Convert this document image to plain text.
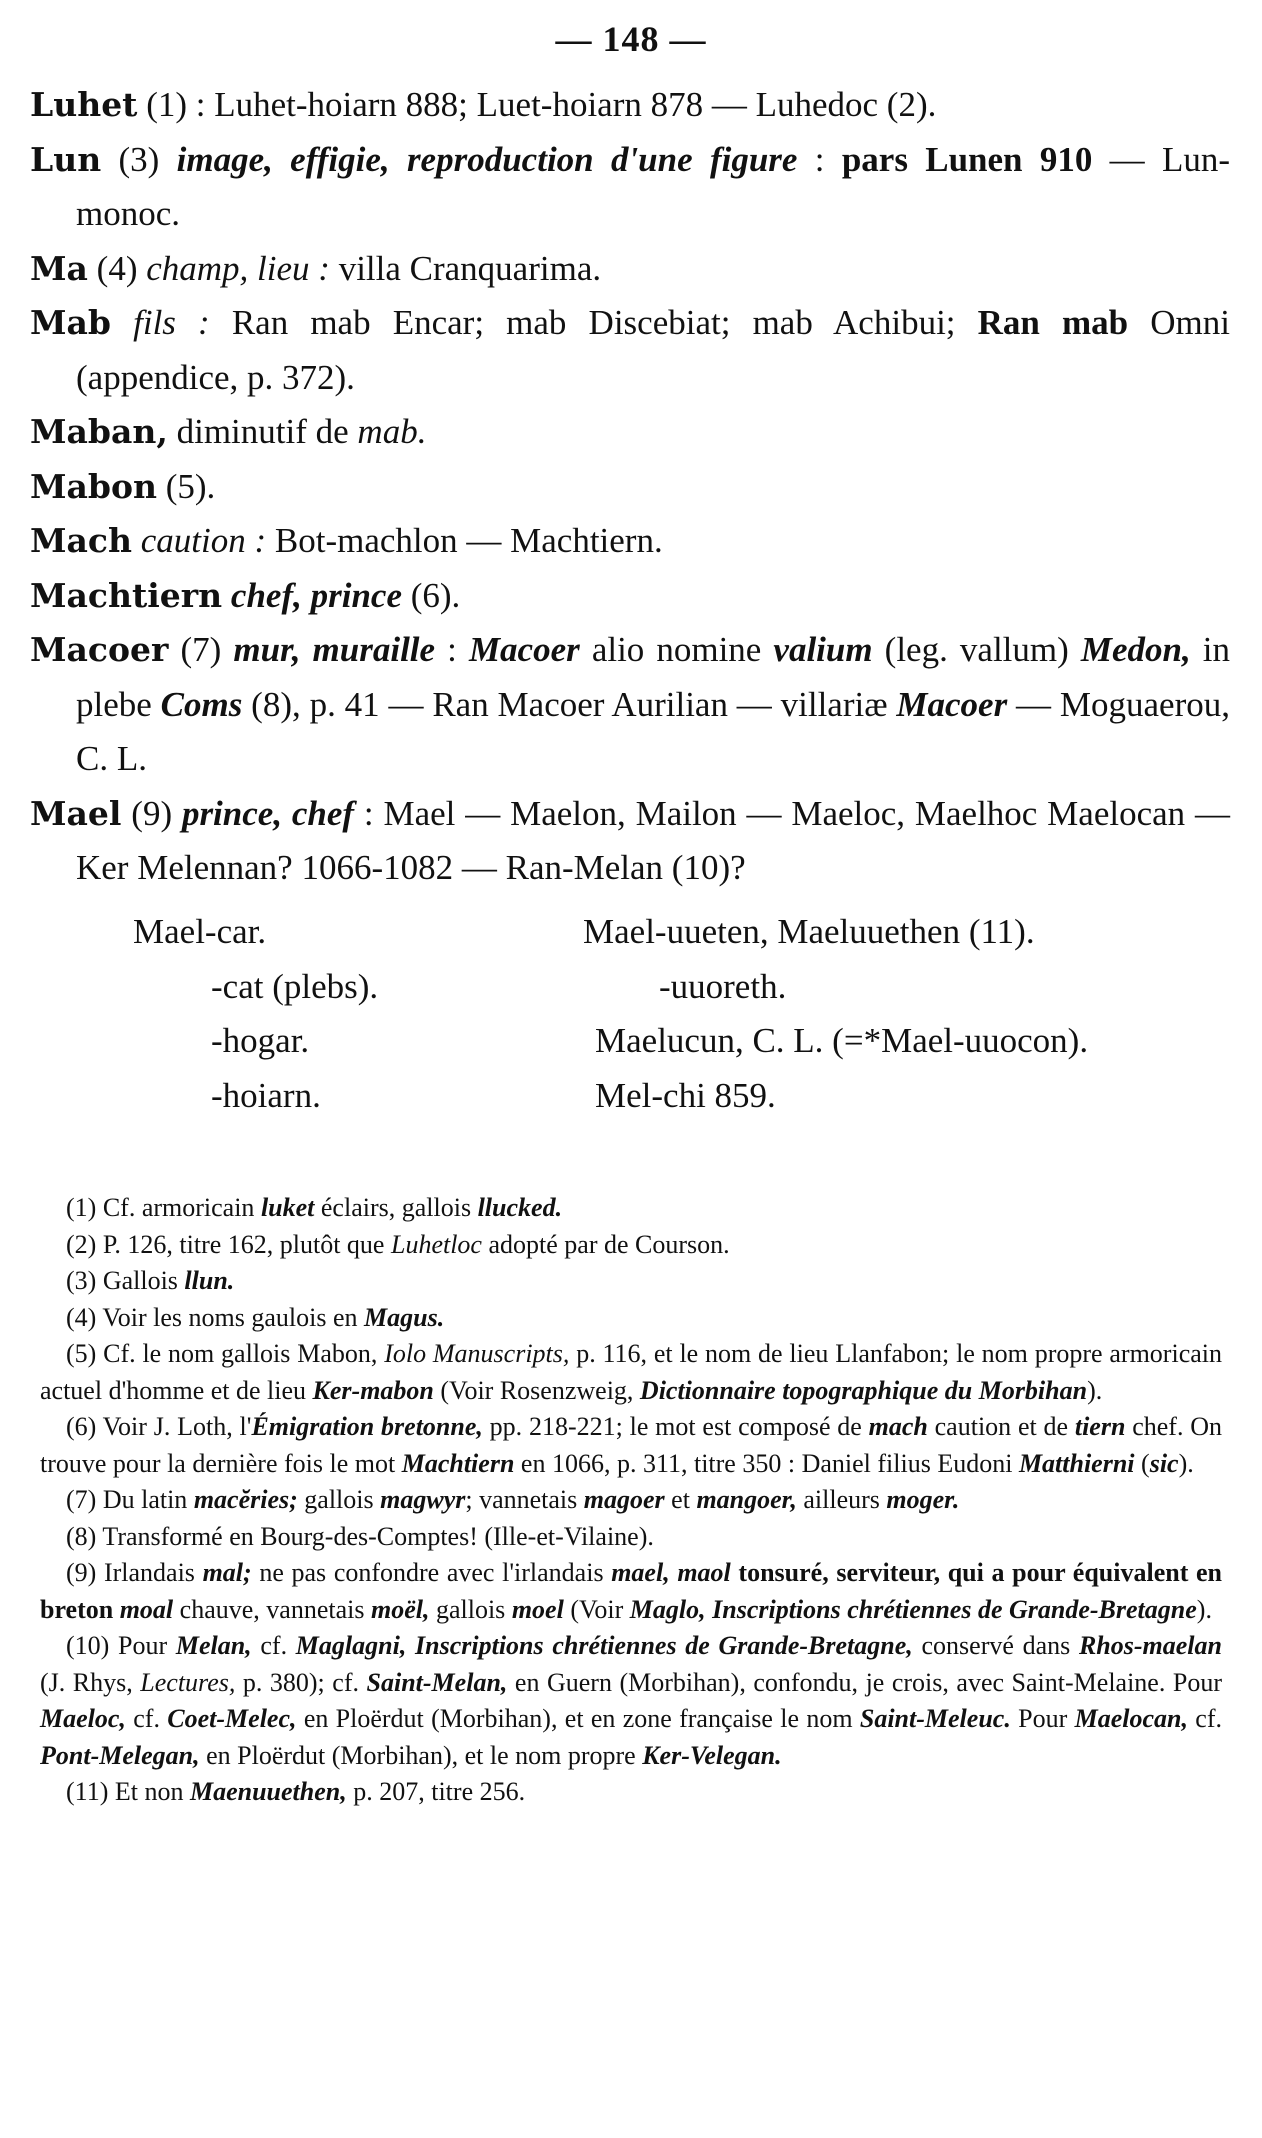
— 148 —

Luhet (1) : Luhet-hoiarn 888; Luet-hoiarn 878 — Luhedoc (2).

Lun (3) image, effigie, reproduction d'une figure : pars Lunen 910 — Lun-monoc.

Ma (4) champ, lieu : villa Cranquarima.

Mab fils : Ran mab Encar; mab Discebiat; mab Achibui; Ran mab Omni (appendice, p. 372).

Maban, diminutif de mab.

Mabon (5).

Mach caution : Bot-machlon — Machtiern.

Machtiern chef, prince (6).

Macoer (7) mur, muraille : Macoer alio nomine valium (leg. vallum) Medon, in plebe Coms (8), p. 41 — Ran Macoer Aurilian — villariæ Macoer — Moguaerou, C. L.

Mael (9) prince, chef : Mael — Maelon, Mailon — Maeloc, Maelhoc Maelocan — Ker Melennan? 1066-1082 — Ran-Melan (10)?

Mael-car.
-cat (plebs).
-hogar.
-hoiarn.
Mael-uueten, Maeluuethen (11).
-uuoreth.
Maelucun, C. L. (=*Mael-uuocon).
Mel-chi 859.

(1) Cf. armoricain luket éclairs, gallois llucked.

(2) P. 126, titre 162, plutôt que Luhetloc adopté par de Courson.

(3) Gallois llun.

(4) Voir les noms gaulois en Magus.

(5) Cf. le nom gallois Mabon, Iolo Manuscripts, p. 116, et le nom de lieu Llanfabon; le nom propre armoricain actuel d'homme et de lieu Ker-mabon (Voir Rosenzweig, Dictionnaire topographique du Morbihan).

(6) Voir J. Loth, l'Émigration bretonne, pp. 218-221; le mot est composé de mach caution et de tiern chef. On trouve pour la dernière fois le mot Machtiern en 1066, p. 311, titre 350 : Daniel filius Eudoni Matthierni (sic).

(7) Du latin macĕries; gallois magwyr; vannetais magoer et mangoer, ailleurs moger.

(8) Transformé en Bourg-des-Comptes! (Ille-et-Vilaine).

(9) Irlandais mal; ne pas confondre avec l'irlandais mael, maol tonsuré, serviteur, qui a pour équivalent en breton moal chauve, vannetais moël, gallois moel (Voir Maglo, Inscriptions chrétiennes de Grande-Bretagne).

(10) Pour Melan, cf. Maglagni, Inscriptions chrétiennes de Grande-Bretagne, conservé dans Rhos-maelan (J. Rhys, Lectures, p. 380); cf. Saint-Melan, en Guern (Morbihan), confondu, je crois, avec Saint-Melaine. Pour Maeloc, cf. Coet-Melec, en Ploërdut (Morbihan), et en zone française le nom Saint-Meleuc. Pour Maelocan, cf. Pont-Melegan, en Ploërdut (Morbihan), et le nom propre Ker-Velegan.

(11) Et non Maenuuethen, p. 207, titre 256.
